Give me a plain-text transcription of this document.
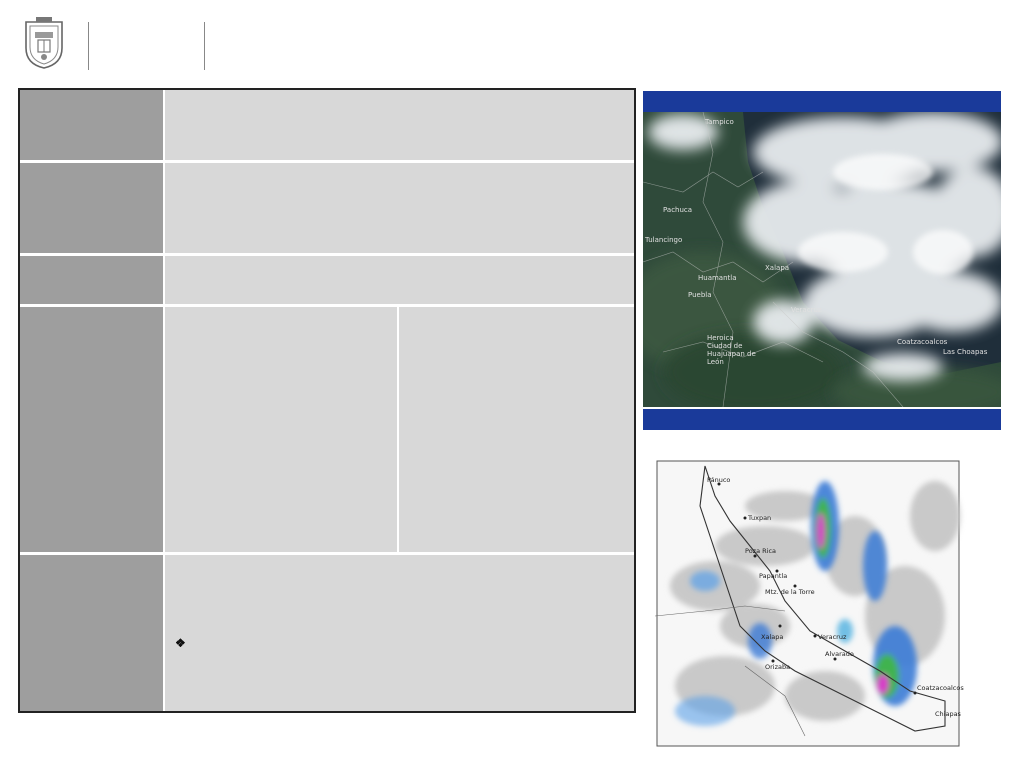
Tampico
Pachuca
Tulancingo
Huamantla
Xalapa
Puebla
Veracruz
Heroica
Ciudad de
Huajuapan de
León
Coatzacoalcos
Las Choapas
Pánuco
Tuxpan
Poza Rica
Papantla
Mtz. de la Torre
Xalapa	Veracruz
Orizaba
Alvarado
Coatzacoalcos
Chiapas
